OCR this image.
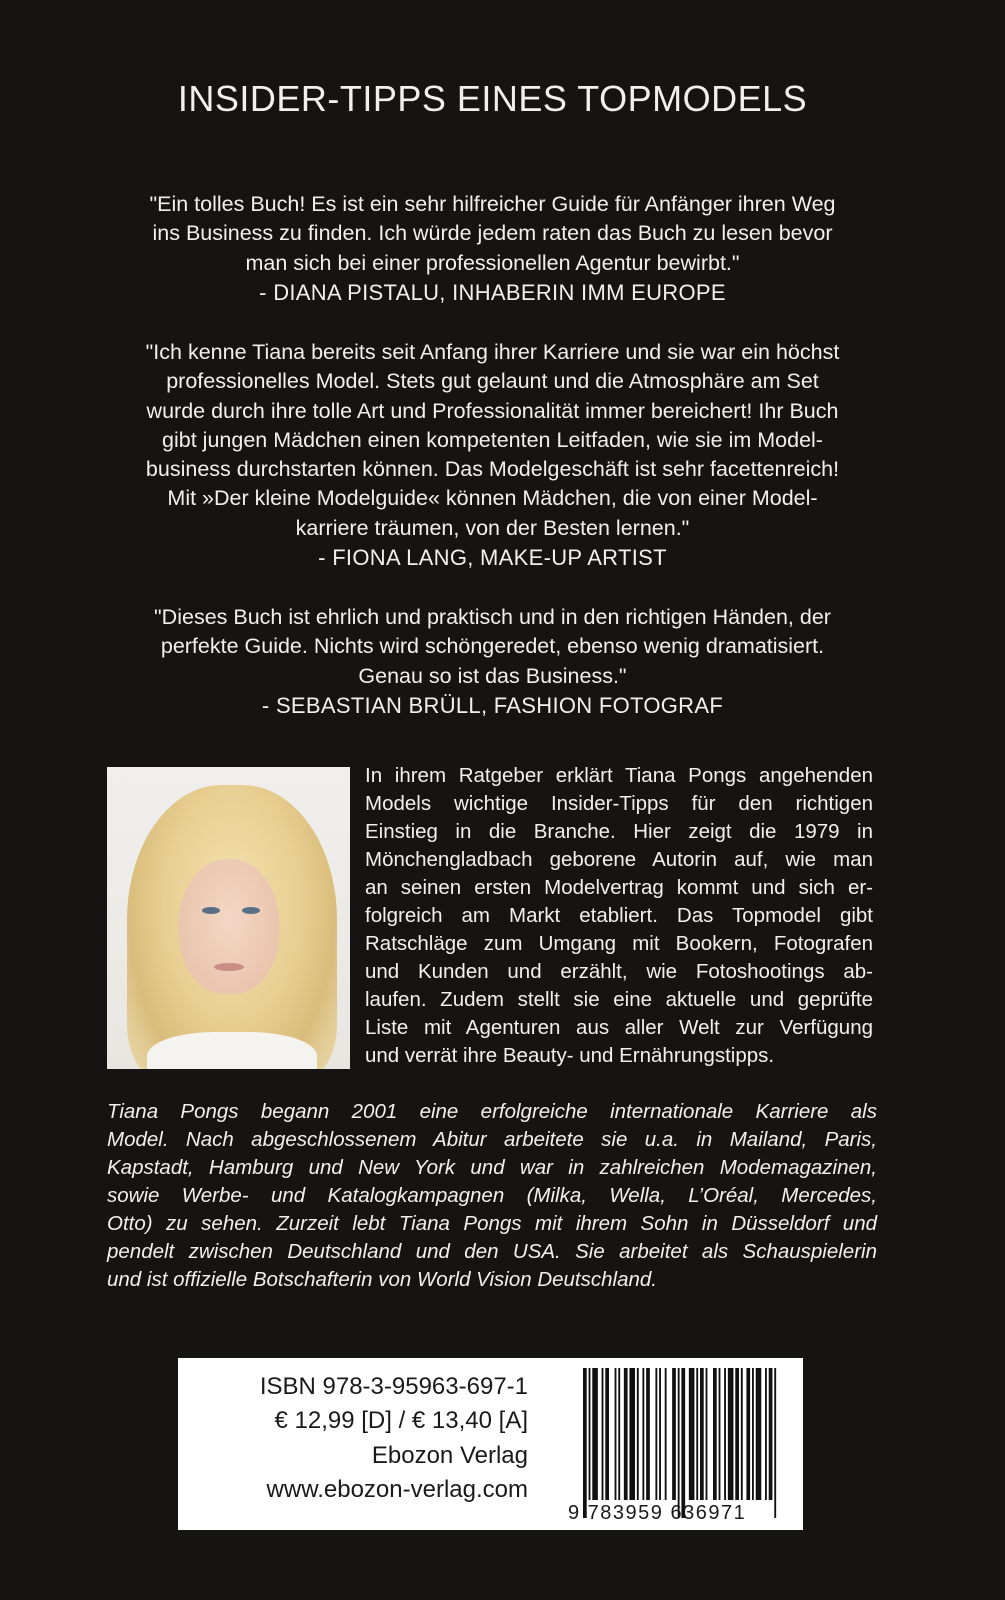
INSIDER-TIPPS EINES TOPMODELS
"Ein tolles Buch! Es ist ein sehr hilfreicher Guide für Anfänger ihren Weg
ins Business zu finden. Ich würde jedem raten das Buch zu lesen bevor
man sich bei einer professionellen Agentur bewirbt."
- DIANA PISTALU, INHABERIN IMM EUROPE
"Ich kenne Tiana bereits seit Anfang ihrer Karriere und sie war ein höchst
professionelles Model. Stets gut gelaunt und die Atmosphäre am Set
wurde durch ihre tolle Art und Professionalität immer bereichert! Ihr Buch
gibt jungen Mädchen einen kompetenten Leitfaden, wie sie im Model-
business durchstarten können. Das Modelgeschäft ist sehr facettenreich!
Mit »Der kleine Modelguide« können Mädchen, die von einer Model-
karriere träumen, von der Besten lernen."
- FIONA LANG, MAKE-UP ARTIST
"Dieses Buch ist ehrlich und praktisch und in den richtigen Händen, der
perfekte Guide. Nichts wird schöngeredet, ebenso wenig dramatisiert.
Genau so ist das Business."
- SEBASTIAN BRÜLL, FASHION FOTOGRAF
In ihrem Ratgeber erklärt Tiana Pongs angehenden
Models wichtige Insider-Tipps für den richtigen
Einstieg in die Branche. Hier zeigt die 1979 in
Mönchengladbach geborene Autorin auf, wie man
an seinen ersten Modelvertrag kommt und sich er-
folgreich am Markt etabliert. Das Topmodel gibt
Ratschläge zum Umgang mit Bookern, Fotografen
und Kunden und erzählt, wie Fotoshootings ab-
laufen. Zudem stellt sie eine aktuelle und geprüfte
Liste mit Agenturen aus aller Welt zur Verfügung
und verrät ihre Beauty- und Ernährungstipps.
Tiana Pongs begann 2001 eine erfolgreiche internationale Karriere als
Model. Nach abgeschlossenem Abitur arbeitete sie u.a. in Mailand, Paris,
Kapstadt, Hamburg und New York und war in zahlreichen Modemagazinen,
sowie Werbe- und Katalogkampagnen (Milka, Wella, L’Oréal, Mercedes,
Otto) zu sehen. Zurzeit lebt Tiana Pongs mit ihrem Sohn in Düsseldorf und
pendelt zwischen Deutschland und den USA. Sie arbeitet als Schauspielerin
und ist offizielle Botschafterin von World Vision Deutschland.
ISBN 978-3-95963-697-1
€ 12,99 [D] / € 13,40 [A]
Ebozon Verlag
www.ebozon-verlag.com
9 783959 636971
